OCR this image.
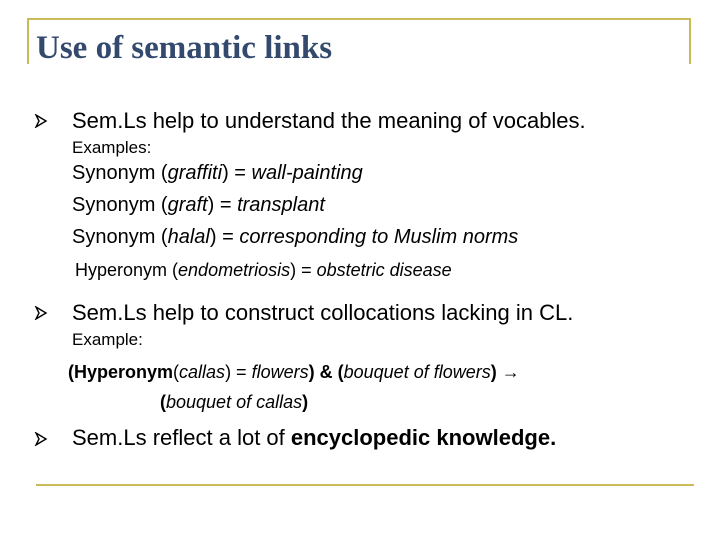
Use of semantic links

Sem.Ls help to understand the meaning of vocables.

Examples:

Synonym (graffiti) = wall-painting

Synonym (graft) = transplant

Synonym (halal) = corresponding to Muslim norms

Hyperonym (endometriosis) = obstetric disease

Sem.Ls help to construct collocations lacking in CL.

Example:

(Hyperonym(callas) = flowers) & (bouquet of flowers) →

(bouquet of callas)

Sem.Ls reflect a lot of encyclopedic knowledge.
